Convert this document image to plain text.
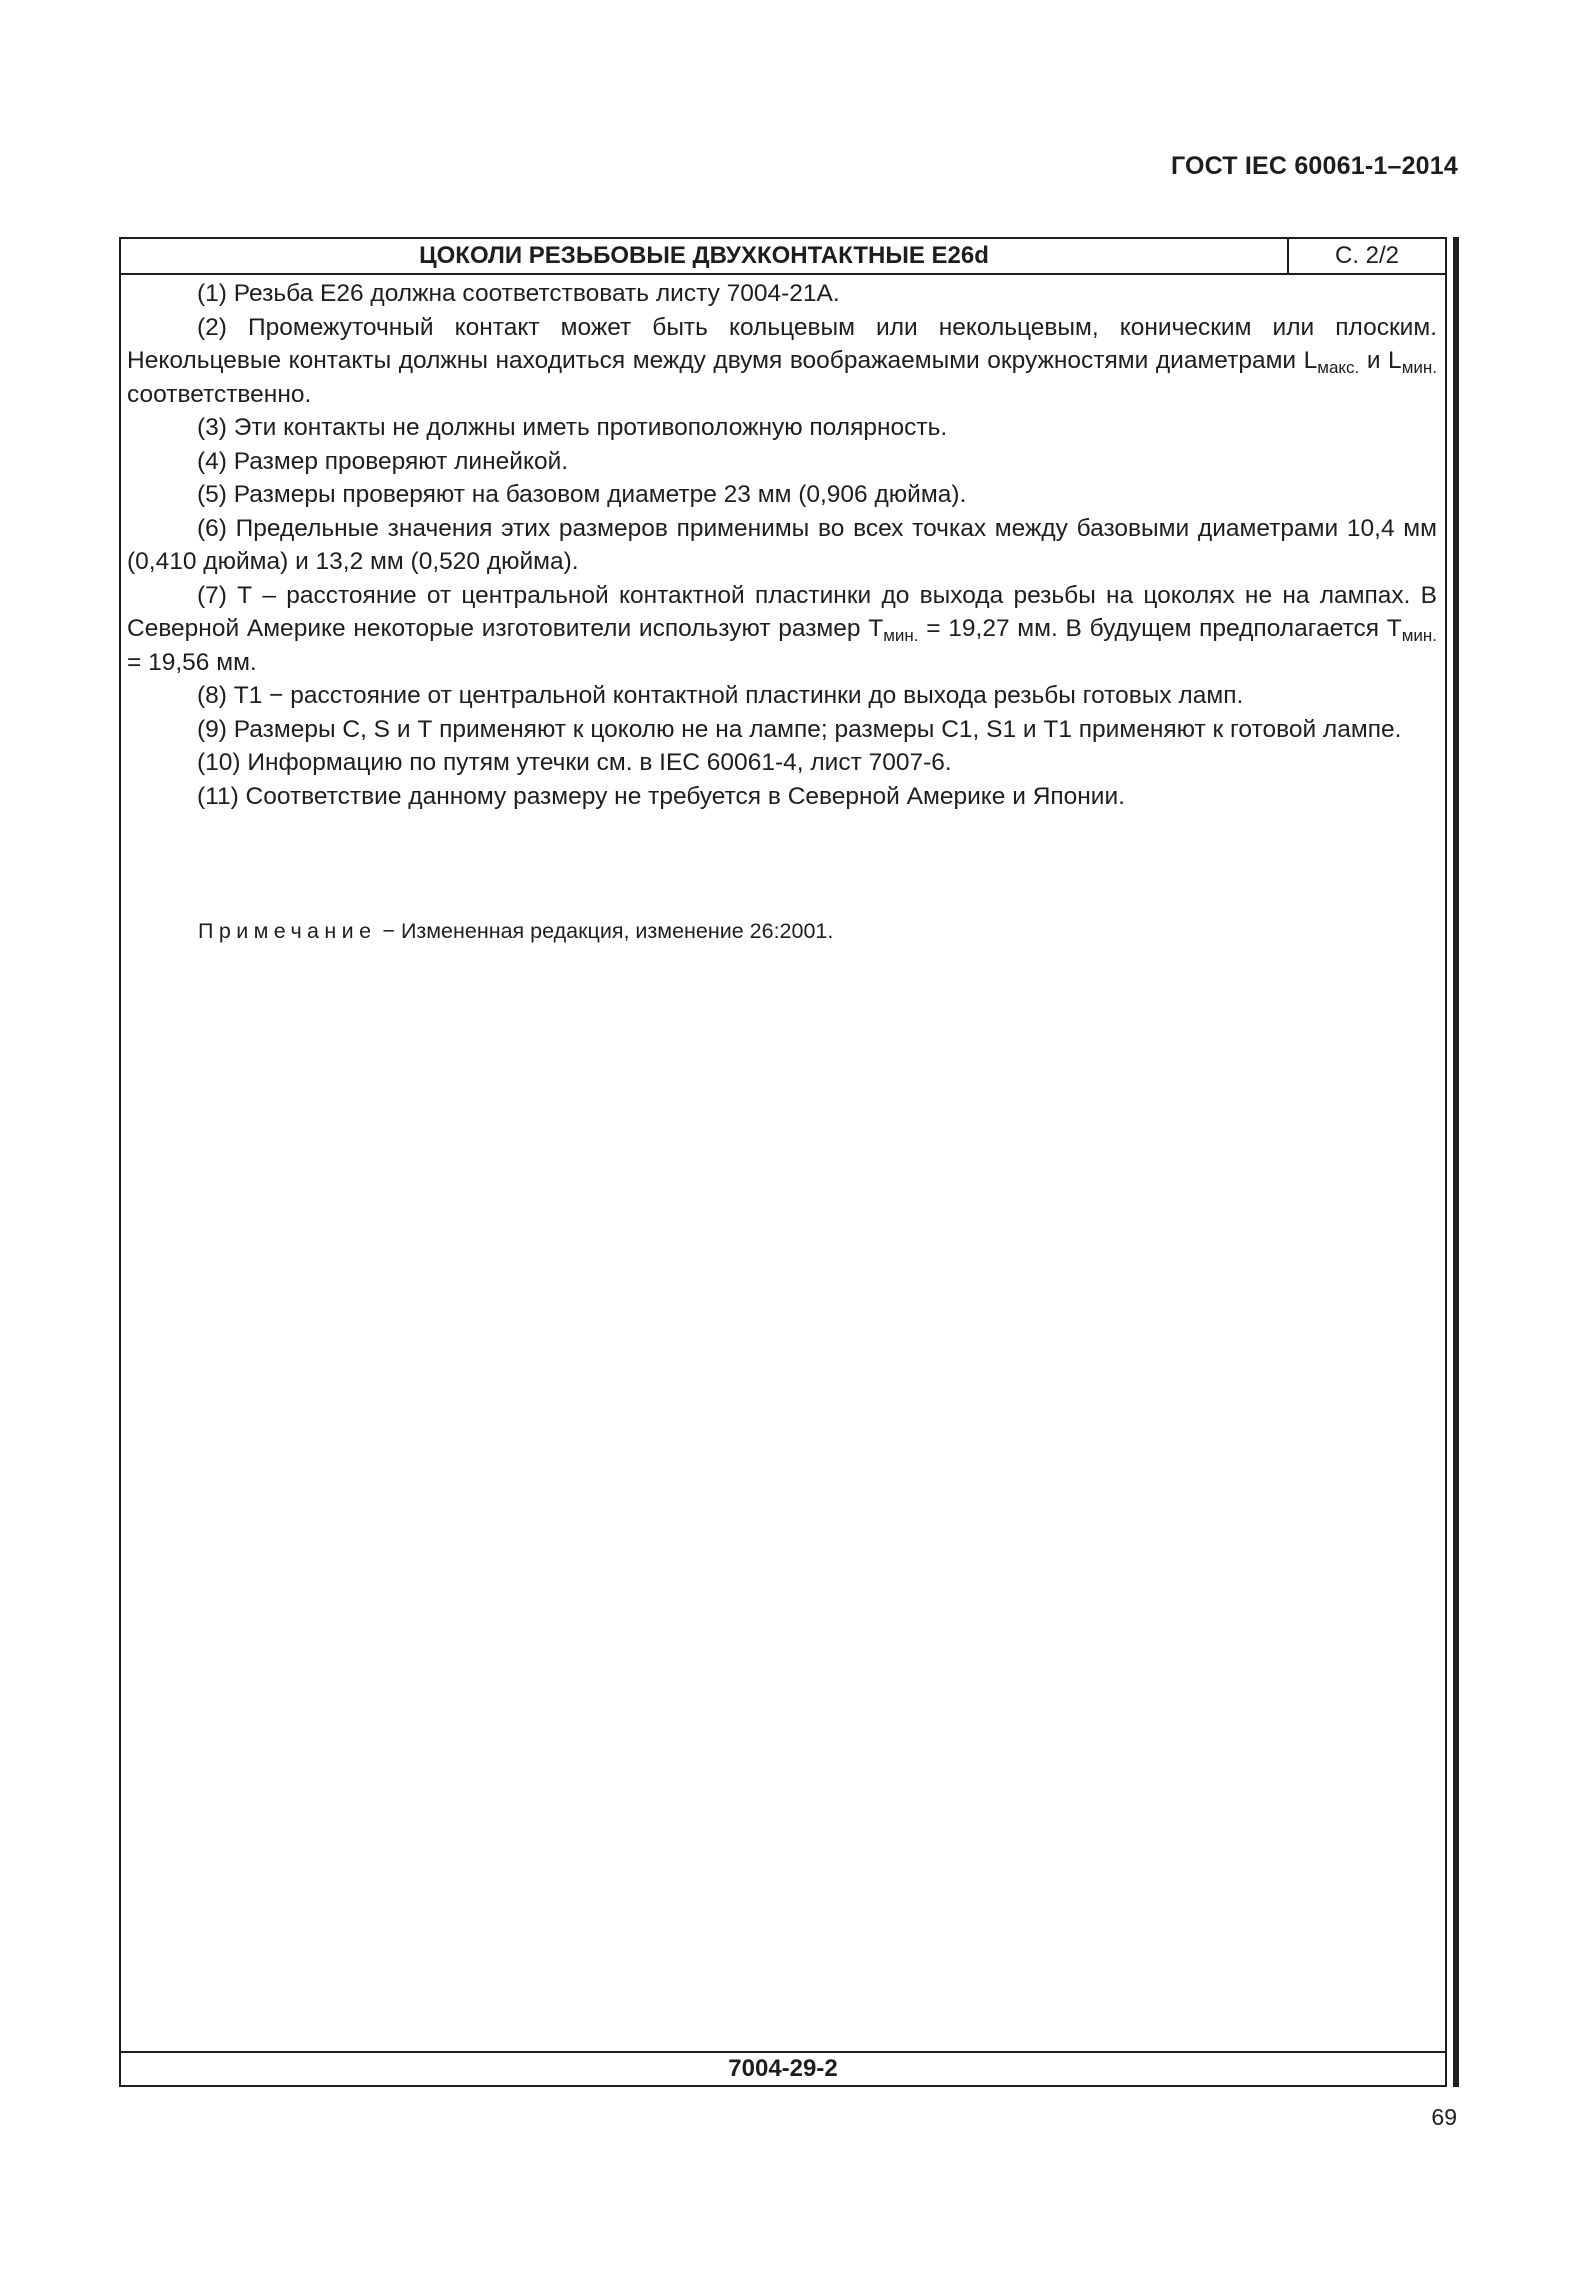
ГОСТ IEC 60061-1–2014
ЦОКОЛИ РЕЗЬБОВЫЕ ДВУХКОНТАКТНЫЕ E26d	С. 2/2

(1) Резьба E26 должна соответствовать листу 7004-21А.

(2) Промежуточный контакт может быть кольцевым или некольцевым, коническим или плоским. Некольцевые контакты должны находиться между двумя воображаемыми окружностями диаметрами $L_{макс.}$ и $L_{мин.}$ соответственно.

(3) Эти контакты не должны иметь противоположную полярность.

(4) Размер проверяют линейкой.

(5) Размеры проверяют на базовом диаметре 23 мм (0,906 дюйма).

(6) Предельные значения этих размеров применимы во всех точках между базовыми диаметрами 10,4 мм (0,410 дюйма) и 13,2 мм (0,520 дюйма).

(7) Т – расстояние от центральной контактной пластинки до выхода резьбы на цоколях не на лампах. В Северной Америке некоторые изготовители используют размер $Т_{мин.} = 19,27$ мм. В будущем предполагается $Т_{мин.} = 19,56$ мм.

(8) Т1 − расстояние от центральной контактной пластинки до выхода резьбы готовых ламп.

(9) Размеры С, S и Т применяют к цоколю не на лампе; размеры С1, S1 и Т1 применяют к готовой лампе.

(10) Информацию по путям утечки см. в IEC 60061-4, лист 7007-6.

(11) Соответствие данному размеру не требуется в Северной Америке и Японии.

Примечание − Измененная редакция, изменение 26:2001.
7004-29-2
69
